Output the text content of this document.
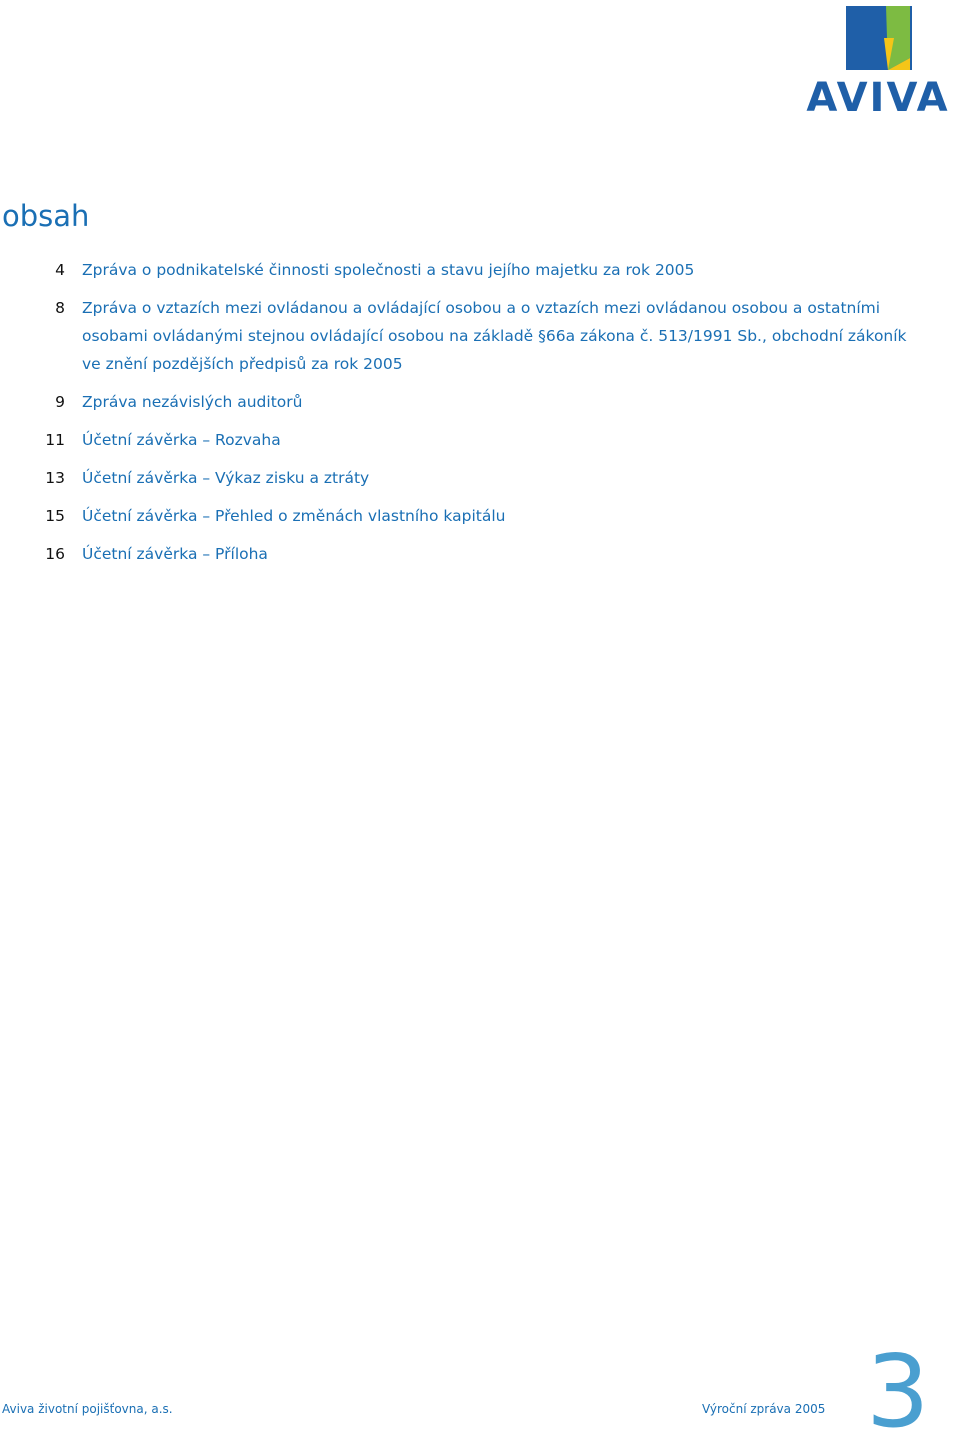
AVIVA
obsah
4 Zpráva o podnikatelské činnosti společnosti a stavu jejího majetku za rok 2005
8 Zpráva o vztazích mezi ovládanou a ovládající osobou a o vztazích mezi ovládanou osobou a ostatními osobami ovládanými stejnou ovládající osobou na základě §66a zákona č. 513/1991 Sb., obchodní zákoník ve znění pozdějších předpisů za rok 2005
9 Zpráva nezávislých auditorů
11 Účetní závěrka – Rozvaha
13 Účetní závěrka – Výkaz zisku a ztráty
15 Účetní závěrka – Přehled o změnách vlastního kapitálu
16 Účetní závěrka – Příloha
Aviva životní pojišťovna, a.s.	Výroční zpráva 2005 3
